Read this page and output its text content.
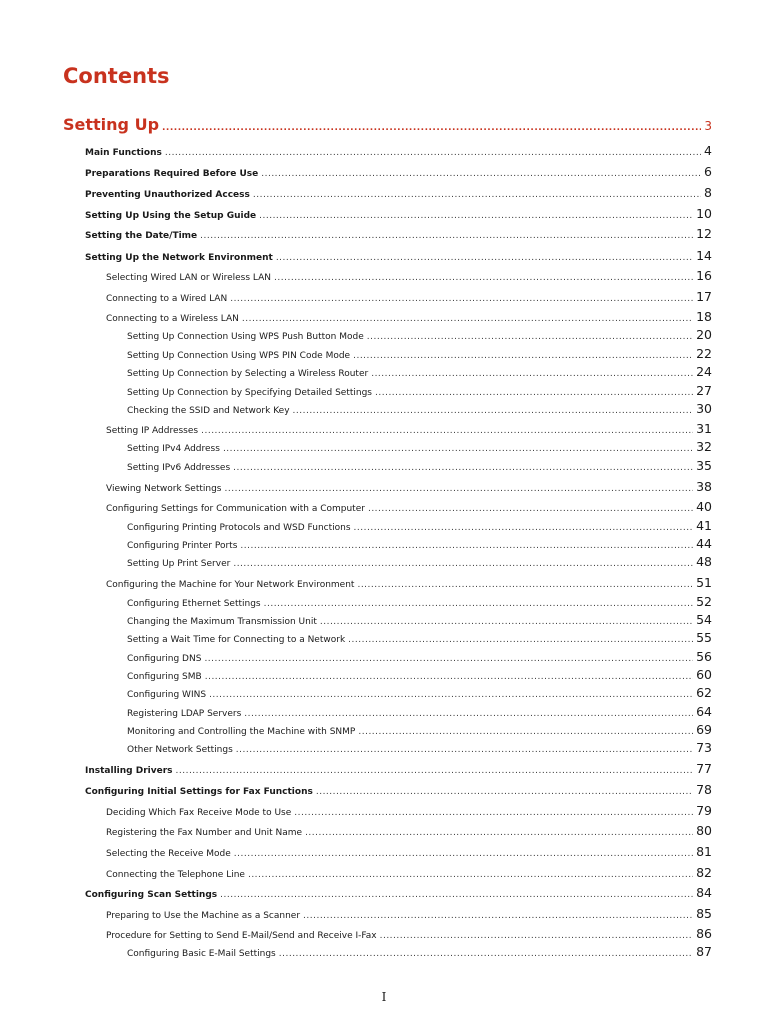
Contents
Setting Up .....	3
Main Functions .....	4
Preparations Required Before Use .....	6
Preventing Unauthorized Access .....	8
Setting Up Using the Setup Guide .....	10
Setting the Date/Time .....	12
Setting Up the Network Environment .....	14
Selecting Wired LAN or Wireless LAN .....	16
Connecting to a Wired LAN .....	17
Connecting to a Wireless LAN .....	18
Setting Up Connection Using WPS Push Button Mode .....	20
Setting Up Connection Using WPS PIN Code Mode .....	22
Setting Up Connection by Selecting a Wireless Router .....	24
Setting Up Connection by Specifying Detailed Settings .....	27
Checking the SSID and Network Key .....	30
Setting IP Addresses .....	31
Setting IPv4 Address .....	32
Setting IPv6 Addresses .....	35
Viewing Network Settings .....	38
Configuring Settings for Communication with a Computer .....	40
Configuring Printing Protocols and WSD Functions .....	41
Configuring Printer Ports .....	44
Setting Up Print Server .....	48
Configuring the Machine for Your Network Environment .....	51
Configuring Ethernet Settings .....	52
Changing the Maximum Transmission Unit .....	54
Setting a Wait Time for Connecting to a Network .....	55
Configuring DNS .....	56
Configuring SMB .....	60
Configuring WINS .....	62
Registering LDAP Servers .....	64
Monitoring and Controlling the Machine with SNMP .....	69
Other Network Settings .....	73
Installing Drivers .....	77
Configuring Initial Settings for Fax Functions .....	78
Deciding Which Fax Receive Mode to Use .....	79
Registering the Fax Number and Unit Name .....	80
Selecting the Receive Mode .....	81
Connecting the Telephone Line .....	82
Configuring Scan Settings .....	84
Preparing to Use the Machine as a Scanner .....	85
Procedure for Setting to Send E-Mail/Send and Receive I-Fax .....	86
Configuring Basic E-Mail Settings .....	87
I
